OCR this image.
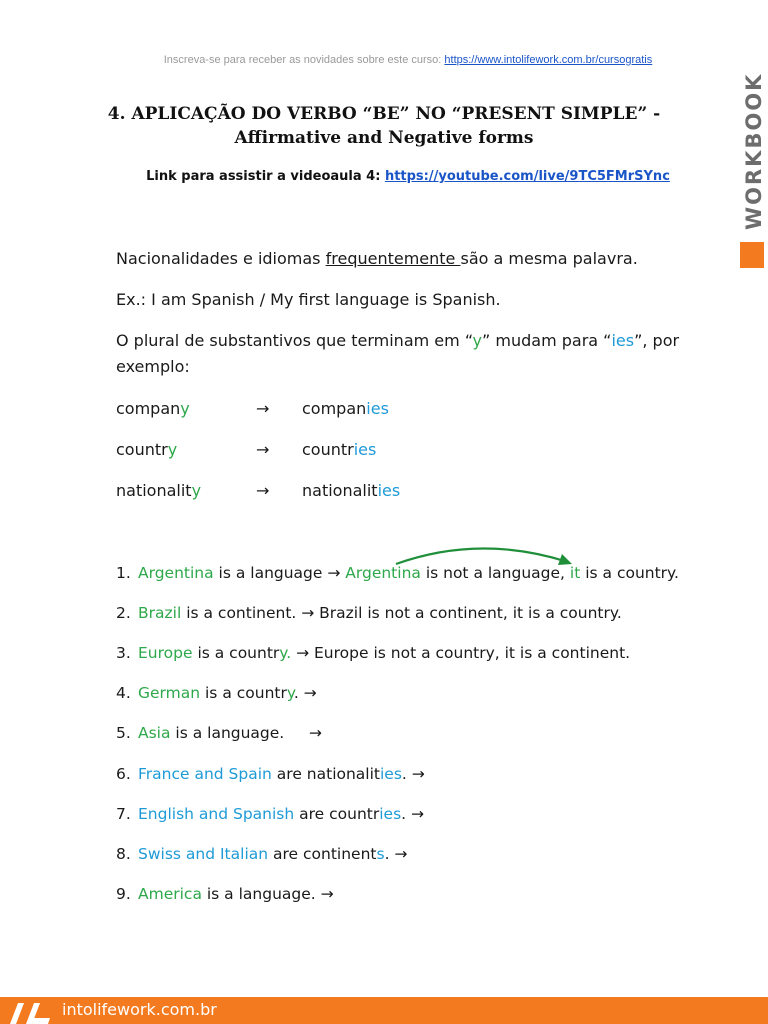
Inscreva-se para receber as novidades sobre este curso: https://www.intolifework.com.br/cursogratis
4. APLICAÇÃO DO VERBO “BE” NO “PRESENT SIMPLE” -
Affirmative and Negative forms
Link para assistir a videoaula 4: https://youtube.com/live/9TC5FMrSYnc	WORKBOOK
Nacionalidades e idiomas frequentemente são a mesma palavra.
Ex.: I am Spanish / My first language is Spanish.
O plural de substantivos que terminam em “y” mudam para “ies”, por
exemplo:
company	→ companies
country	→ countries
nationality	→ nationalities
1. Argentina is a language → Argentina is not a language, it is a country.
2. Brazil is a continent. → Brazil is not a continent, it is a country.
3. Europe is a country. → Europe is not a country, it is a continent.
4. German is a country. →
5. Asia is a language.     →
6. France and Spain are nationalities. →
7. English and Spanish are countries. →
8. Swiss and Italian are continents. →
9. America is a language. →
intolifework.com.br
